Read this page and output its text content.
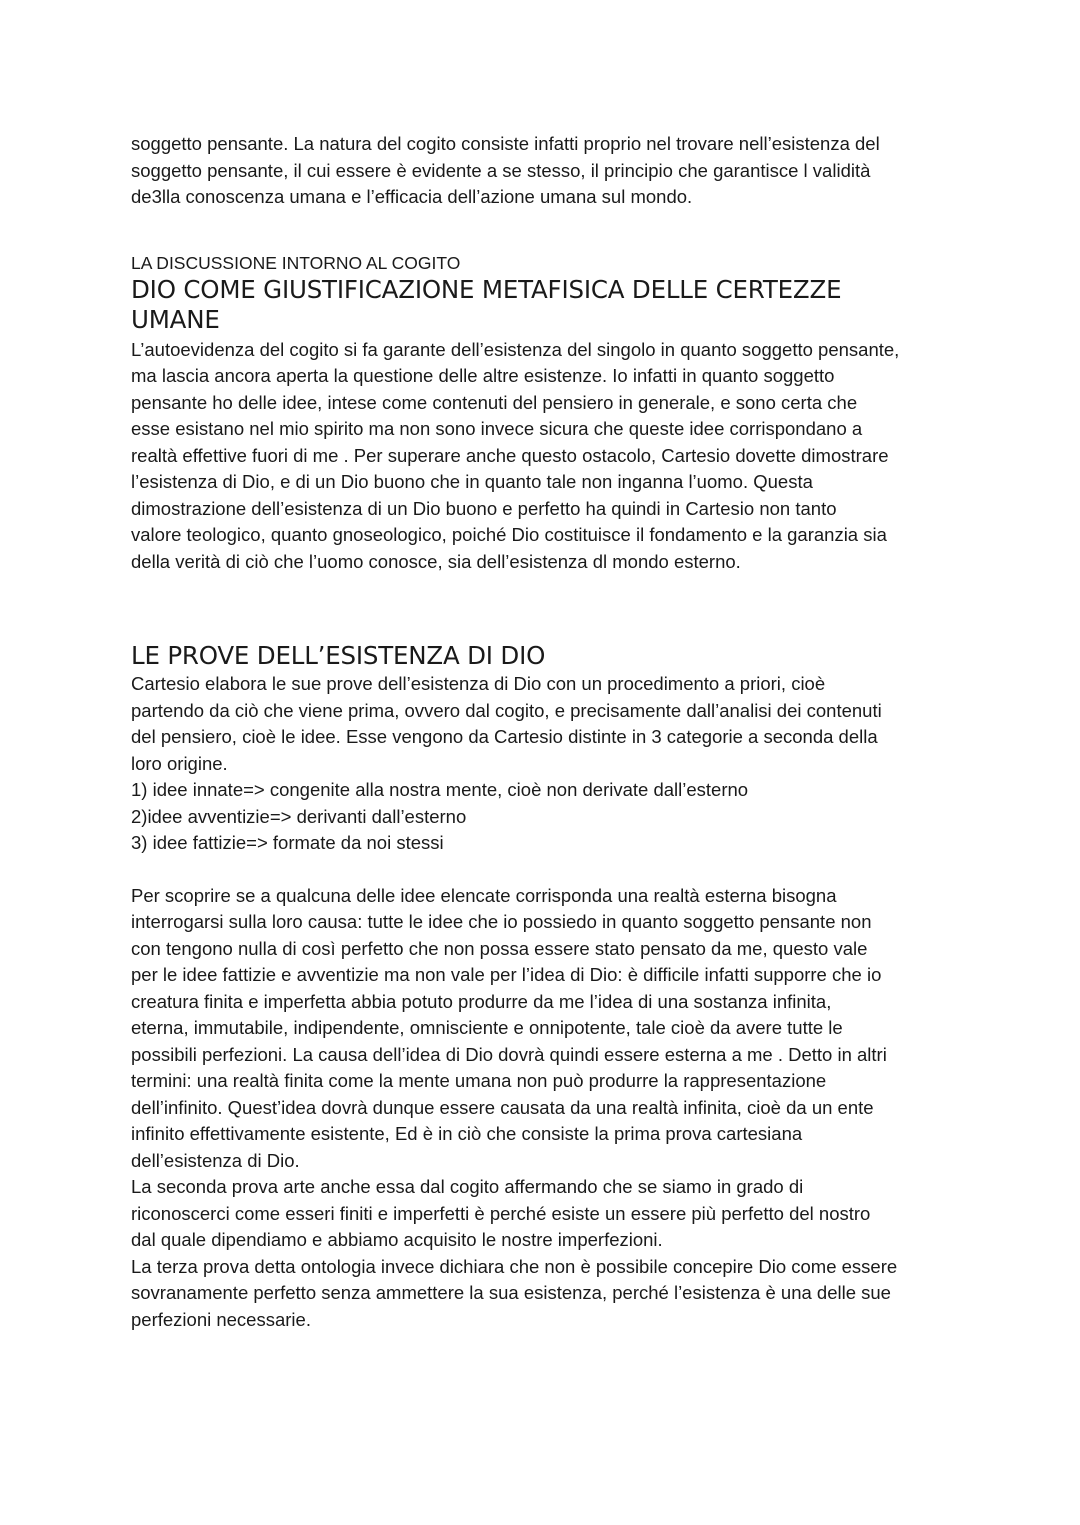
soggetto pensante. La natura del cogito consiste infatti proprio nel trovare nell’esistenza del
soggetto pensante, il cui essere è evidente a se stesso, il principio che garantisce l validità
de3lla conoscenza umana e l’efficacia dell’azione umana sul mondo.

LA DISCUSSIONE INTORNO AL COGITO

DIO COME GIUSTIFICAZIONE METAFISICA DELLE CERTEZZE
UMANE

L’autoevidenza del cogito si fa garante dell’esistenza del singolo in quanto soggetto pensante,
ma lascia ancora aperta la questione delle altre esistenze. Io infatti in quanto soggetto
pensante ho delle idee, intese come contenuti del pensiero in generale, e sono certa che
esse esistano nel mio spirito ma non sono invece sicura che queste idee corrispondano a
realtà effettive fuori di me . Per superare anche questo ostacolo, Cartesio dovette dimostrare
l’esistenza di Dio, e di un Dio buono che in quanto tale non inganna l’uomo. Questa
dimostrazione dell’esistenza di un Dio buono e perfetto ha quindi in Cartesio non tanto
valore teologico, quanto gnoseologico, poiché Dio costituisce il fondamento e la garanzia sia
della verità di ciò che l’uomo conosce, sia dell’esistenza dl mondo esterno.

LE PROVE DELL’ESISTENZA DI DIO

Cartesio elabora le sue prove dell’esistenza di Dio con un procedimento a priori, cioè
partendo da ciò che viene prima, ovvero dal cogito, e precisamente dall’analisi dei contenuti
del pensiero, cioè le idee. Esse vengono da Cartesio distinte in 3 categorie a seconda della
loro origine.

1) idee innate=> congenite alla nostra mente, cioè non derivate dall’esterno
2)idee avventizie=> derivanti dall’esterno
3) idee fattizie=> formate da noi stessi

Per scoprire se a qualcuna delle idee elencate corrisponda una realtà esterna bisogna
interrogarsi sulla loro causa: tutte le idee che io possiedo in quanto soggetto pensante non
con tengono nulla di così perfetto che non possa essere stato pensato da me, questo vale
per le idee fattizie e avventizie ma non vale per l’idea di Dio: è difficile infatti supporre che io
creatura finita e imperfetta abbia potuto produrre da me l’idea di una sostanza infinita,
eterna, immutabile, indipendente, omnisciente e onnipotente, tale cioè da avere tutte le
possibili perfezioni. La causa dell’idea di Dio dovrà quindi essere esterna a me . Detto in altri
termini: una realtà finita come la mente umana non può produrre la rappresentazione
dell’infinito. Quest’idea dovrà dunque essere causata da una realtà infinita, cioè da un ente
infinito effettivamente esistente, Ed è in ciò che consiste la prima prova cartesiana
dell’esistenza di Dio.

La seconda prova arte anche essa dal cogito affermando che se siamo in grado di
riconoscerci come esseri finiti e imperfetti è perché esiste un essere più perfetto del nostro
dal quale dipendiamo e abbiamo acquisito le nostre imperfezioni.

La terza prova detta ontologia invece dichiara che non è possibile concepire Dio come essere
sovranamente perfetto senza ammettere la sua esistenza, perché l’esistenza è una delle sue
perfezioni necessarie.
